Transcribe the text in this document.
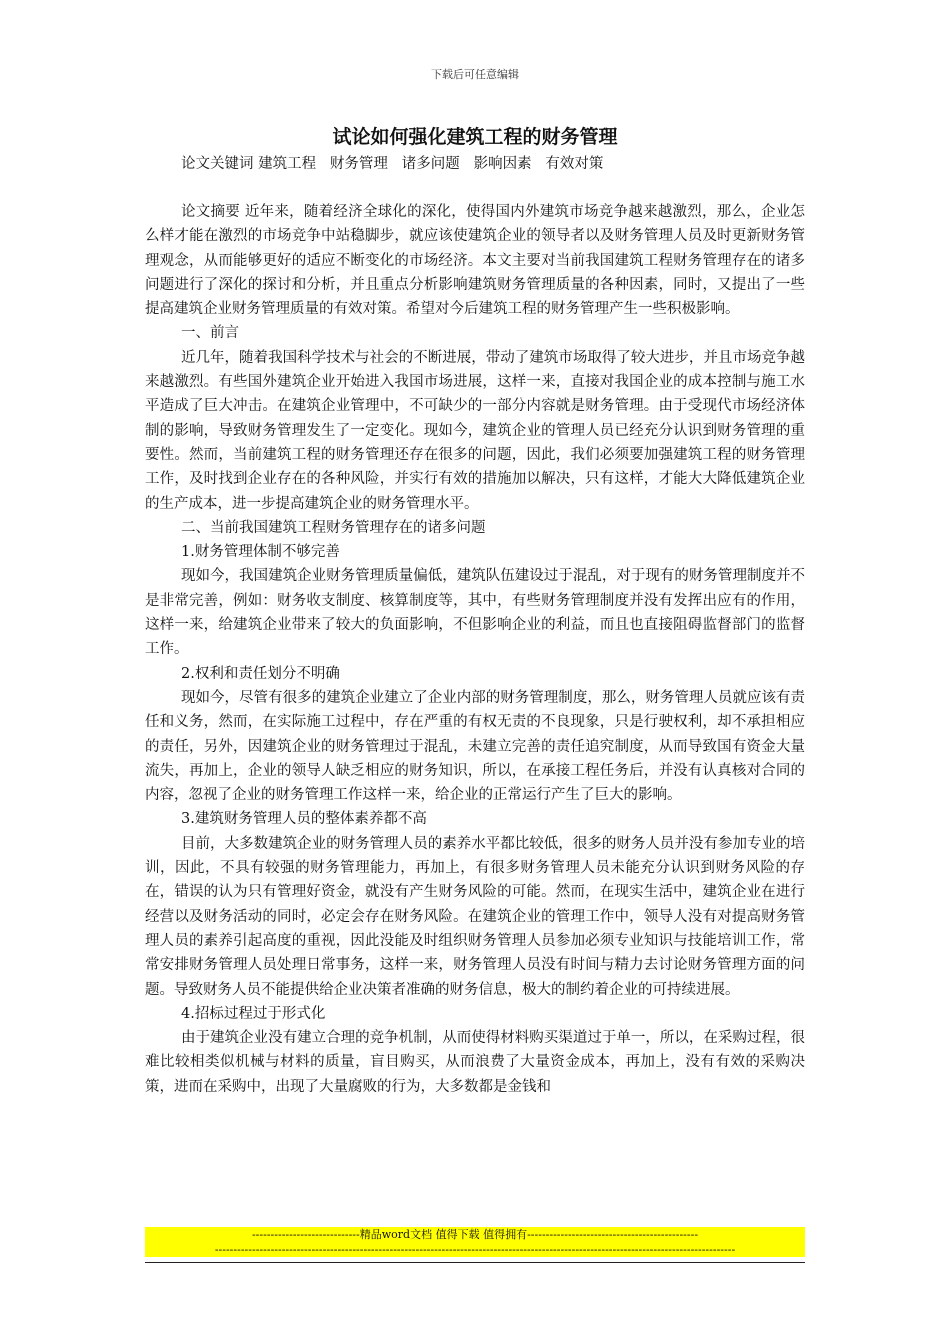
下载后可任意编辑
试论如何强化建筑工程的财务管理

论文关键词 建筑工程   财务管理   诸多问题   影响因素   有效对策

论文摘要 近年来，随着经济全球化的深化，使得国内外建筑市场竞争越来越激烈，那么，企业怎么样才能在激烈的市场竞争中站稳脚步，就应该使建筑企业的领导者以及财务管理人员及时更新财务管理观念，从而能够更好的适应不断变化的市场经济。本文主要对当前我国建筑工程财务管理存在的诸多问题进行了深化的探讨和分析，并且重点分析影响建筑财务管理质量的各种因素，同时，又提出了一些提高建筑企业财务管理质量的有效对策。希望对今后建筑工程的财务管理产生一些积极影响。

一、前言

近几年，随着我国科学技术与社会的不断进展，带动了建筑市场取得了较大进步，并且市场竞争越来越激烈。有些国外建筑企业开始进入我国市场进展，这样一来，直接对我国企业的成本控制与施工水平造成了巨大冲击。在建筑企业管理中，不可缺少的一部分内容就是财务管理。由于受现代市场经济体制的影响，导致财务管理发生了一定变化。现如今，建筑企业的管理人员已经充分认识到财务管理的重要性。然而，当前建筑工程的财务管理还存在很多的问题，因此，我们必须要加强建筑工程的财务管理工作，及时找到企业存在的各种风险，并实行有效的措施加以解决，只有这样，才能大大降低建筑企业的生产成本，进一步提高建筑企业的财务管理水平。

二、当前我国建筑工程财务管理存在的诸多问题

1.财务管理体制不够完善

现如今，我国建筑企业财务管理质量偏低，建筑队伍建设过于混乱，对于现有的财务管理制度并不是非常完善，例如：财务收支制度、核算制度等，其中，有些财务管理制度并没有发挥出应有的作用，这样一来，给建筑企业带来了较大的负面影响，不但影响企业的利益，而且也直接阻碍监督部门的监督工作。

2.权利和责任划分不明确

现如今，尽管有很多的建筑企业建立了企业内部的财务管理制度，那么，财务管理人员就应该有责任和义务，然而，在实际施工过程中，存在严重的有权无责的不良现象，只是行驶权利，却不承担相应的责任，另外，因建筑企业的财务管理过于混乱，未建立完善的责任追究制度，从而导致国有资金大量流失，再加上，企业的领导人缺乏相应的财务知识，所以，在承接工程任务后，并没有认真核对合同的内容，忽视了企业的财务管理工作这样一来，给企业的正常运行产生了巨大的影响。

3.建筑财务管理人员的整体素养都不高

目前，大多数建筑企业的财务管理人员的素养水平都比较低，很多的财务人员并没有参加专业的培训，因此，不具有较强的财务管理能力，再加上，有很多财务管理人员未能充分认识到财务风险的存在，错误的认为只有管理好资金，就没有产生财务风险的可能。然而，在现实生活中，建筑企业在进行经营以及财务活动的同时，必定会存在财务风险。在建筑企业的管理工作中，领导人没有对提高财务管理人员的素养引起高度的重视，因此没能及时组织财务管理人员参加必须专业知识与技能培训工作，常常安排财务管理人员处理日常事务，这样一来，财务管理人员没有时间与精力去讨论财务管理方面的问题。导致财务人员不能提供给企业决策者准确的财务信息，极大的制约着企业的可持续进展。

4.招标过程过于形式化

由于建筑企业没有建立合理的竞争机制，从而使得材料购买渠道过于单一，所以，在采购过程，很难比较相类似机械与材料的质量，盲目购买，从而浪费了大量资金成本，再加上，没有有效的采购决策，进而在采购中，出现了大量腐败的行为，大多数都是金钱和

-----------------------------精品word文档 值得下载 值得拥有----------------------------------------------
--------------------------------------------------------------------------------------------------------------------------------------------
